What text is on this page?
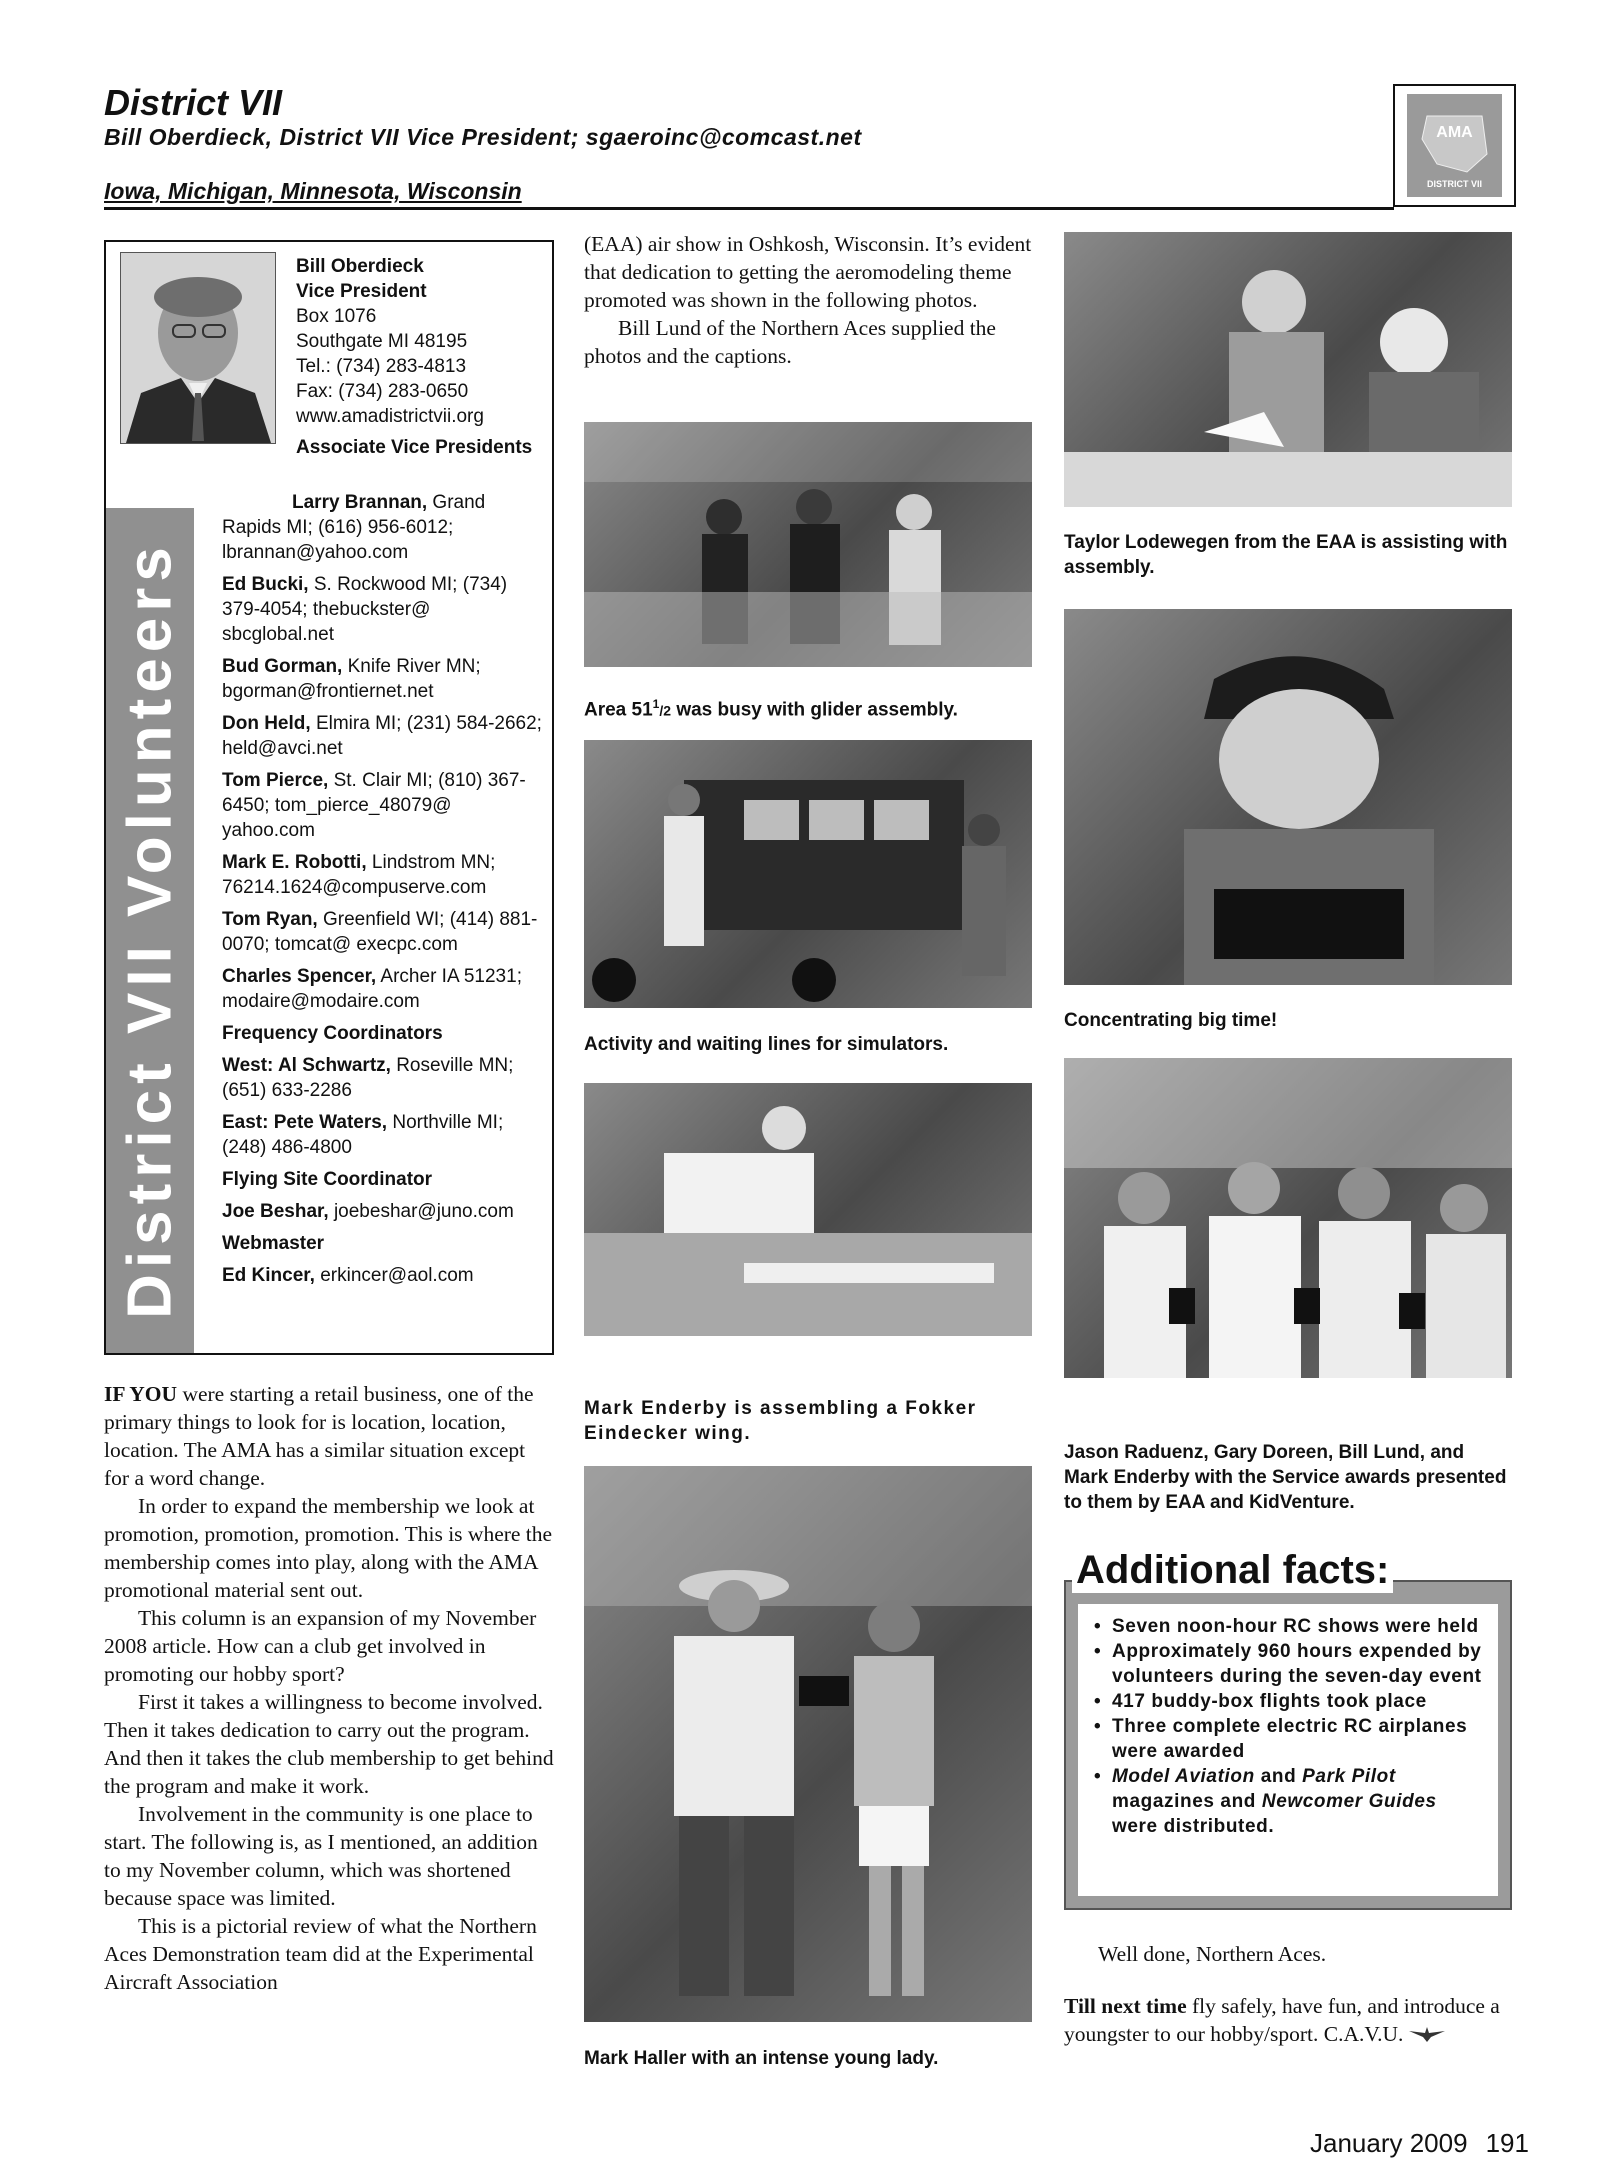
District VII
Bill Oberdieck, District VII Vice President; sgaeroinc@comcast.net
Iowa, Michigan, Minnesota, Wisconsin
AMA
DISTRICT VII
District VII Volunteers
Bill Oberdieck
Vice President
Box 1076
Southgate MI 48195
Tel.: (734) 283-4813
Fax: (734) 283-0650
www.amadistrictvii.org
Associate Vice Presidents

Larry Brannan, Grand Rapids MI; (616) 956-6012; lbrannan@yahoo.com

Ed Bucki, S. Rockwood MI; (734) 379-4054; thebuckster@ sbcglobal.net

Bud Gorman, Knife River MN; bgorman@frontiernet.net

Don Held, Elmira MI; (231) 584-2662; held@avci.net

Tom Pierce, St. Clair MI; (810) 367-6450; tom_pierce_48079@ yahoo.com

Mark E. Robotti, Lindstrom MN; 76214.1624@compuserve.com

Tom Ryan, Greenfield WI; (414) 881-0070; tomcat@ execpc.com

Charles Spencer, Archer IA 51231; modaire@modaire.com

Frequency Coordinators

West: Al Schwartz, Roseville MN; (651) 633-2286

East: Pete Waters, Northville MI; (248) 486-4800

Flying Site Coordinator

Joe Beshar, joebeshar@juno.com

Webmaster

Ed Kincer, erkincer@aol.com

IF YOU were starting a retail business, one of the primary things to look for is location, location, location. The AMA has a similar situation except for a word change.

In order to expand the membership we look at promotion, promotion, promotion. This is where the membership comes into play, along with the AMA promotional material sent out.

This column is an expansion of my November 2008 article. How can a club get involved in promoting our hobby sport?

First it takes a willingness to become involved. Then it takes dedication to carry out the program. And then it takes the club membership to get behind the program and make it work.

Involvement in the community is one place to start. The following is, as I mentioned, an addition to my November column, which was shortened because space was limited.

This is a pictorial review of what the Northern Aces Demonstration team did at the Experimental Aircraft Association

(EAA) air show in Oshkosh, Wisconsin. It’s evident that dedication to getting the aeromodeling theme promoted was shown in the following photos.

Bill Lund of the Northern Aces supplied the photos and the captions.

Area $51^1/2$ was busy with glider assembly.
Activity and waiting lines for simulators.
Mark Enderby is assembling a Fokker Eindecker wing.
Mark Haller with an intense young lady.
Taylor Lodewegen from the EAA is assisting with assembly.
Concentrating big time!
Jason Raduenz, Gary Doreen, Bill Lund, and Mark Enderby with the Service awards presented to them by EAA and KidVenture.
Additional facts:
• Seven noon-hour RC shows were held
• Approximately 960 hours expended by volunteers during the seven-day event
• 417 buddy-box flights took place
• Three complete electric RC airplanes were awarded
• Model Aviation and Park Pilot magazines and Newcomer Guides were distributed.

Well done, Northern Aces.

Till next time fly safely, have fun, and introduce a youngster to our hobby/sport. C.A.V.U.

January 2009 191
